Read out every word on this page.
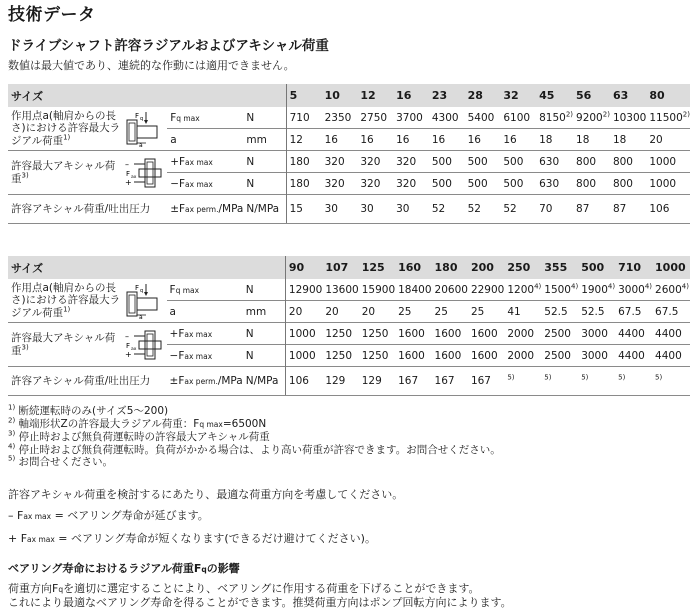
技術データ
ドライブシャフト許容ラジアルおよびアキシャル荷重
数値は最大値であり、連続的な作動には適用できません。
サイズ				5	10	12	16	23	28	32	45	56	63	80
作用点a(軸肩からの長さ)における許容最大ラジアル荷重$^{1)}$	F q
a	Fq max	N	710	2350	2750	3700	4300	5400	6100	8150$^{2)}$	9200$^{2)}$	10300	11500$^{2)}$
		a	mm	12	16	16	16	16	16	16	18	18	18	20
許容最大アキシャル荷重$^{3)}$	–
+
F ax	+Fax max	N	180	320	320	320	500	500	500	630	800	800	1000
		−Fax max	N	180	320	320	320	500	500	500	630	800	800	1000
許容アキシャル荷重/吐出圧力		±Fax perm./MPa	N/MPa	15	30	30	30	52	52	52	70	87	87	106
サイズ				90	107	125	160	180	200	250	355	500	710	1000
作用点a(軸肩からの長さ)における許容最大ラジアル荷重$^{1)}$	F q
a	Fq max	N	12900	13600	15900	18400	20600	22900	1200$^{4)}$	1500$^{4)}$	1900$^{4)}$	3000$^{4)}$	2600$^{4)}$
		a	mm	20	20	20	25	25	25	41	52.5	52.5	67.5	67.5
許容最大アキシャル荷重$^{3)}$	–
+
F ax	+Fax max	N	1000	1250	1250	1600	1600	1600	2000	2500	3000	4400	4400
		−Fax max	N	1000	1250	1250	1600	1600	1600	2000	2500	3000	4400	4400
許容アキシャル荷重/吐出圧力		±Fax perm./MPa	N/MPa	106	129	129	167	167	167	$^{5)}$	$^{5)}$	$^{5)}$	$^{5)}$	$^{5)}$
$^{1)}$ 断続運転時のみ(サイズ5～200)
$^{2)}$ 軸端形状Zの許容最大ラジアル荷重：Fq max=6500N
$^{3)}$ 停止時および無負荷運転時の許容最大アキシャル荷重
$^{4)}$ 停止時および無負荷運転時。負荷がかかる場合は、より高い荷重が許容できます。お問合せください。
$^{5)}$ お問合せください。
許容アキシャル荷重を検討するにあたり、最適な荷重方向を考慮してください。
– Fax max = ベアリング寿命が延びます。
+ Fax max = ベアリング寿命が短くなります(できるだけ避けてください)。
ベアリング寿命におけるラジアル荷重Fqの影響
荷重方向Fqを適切に選定することにより、ベアリングに作用する荷重を下げることができます。
これにより最適なベアリング寿命を得ることができます。推奨荷重方向はポンプ回転方向によります。
